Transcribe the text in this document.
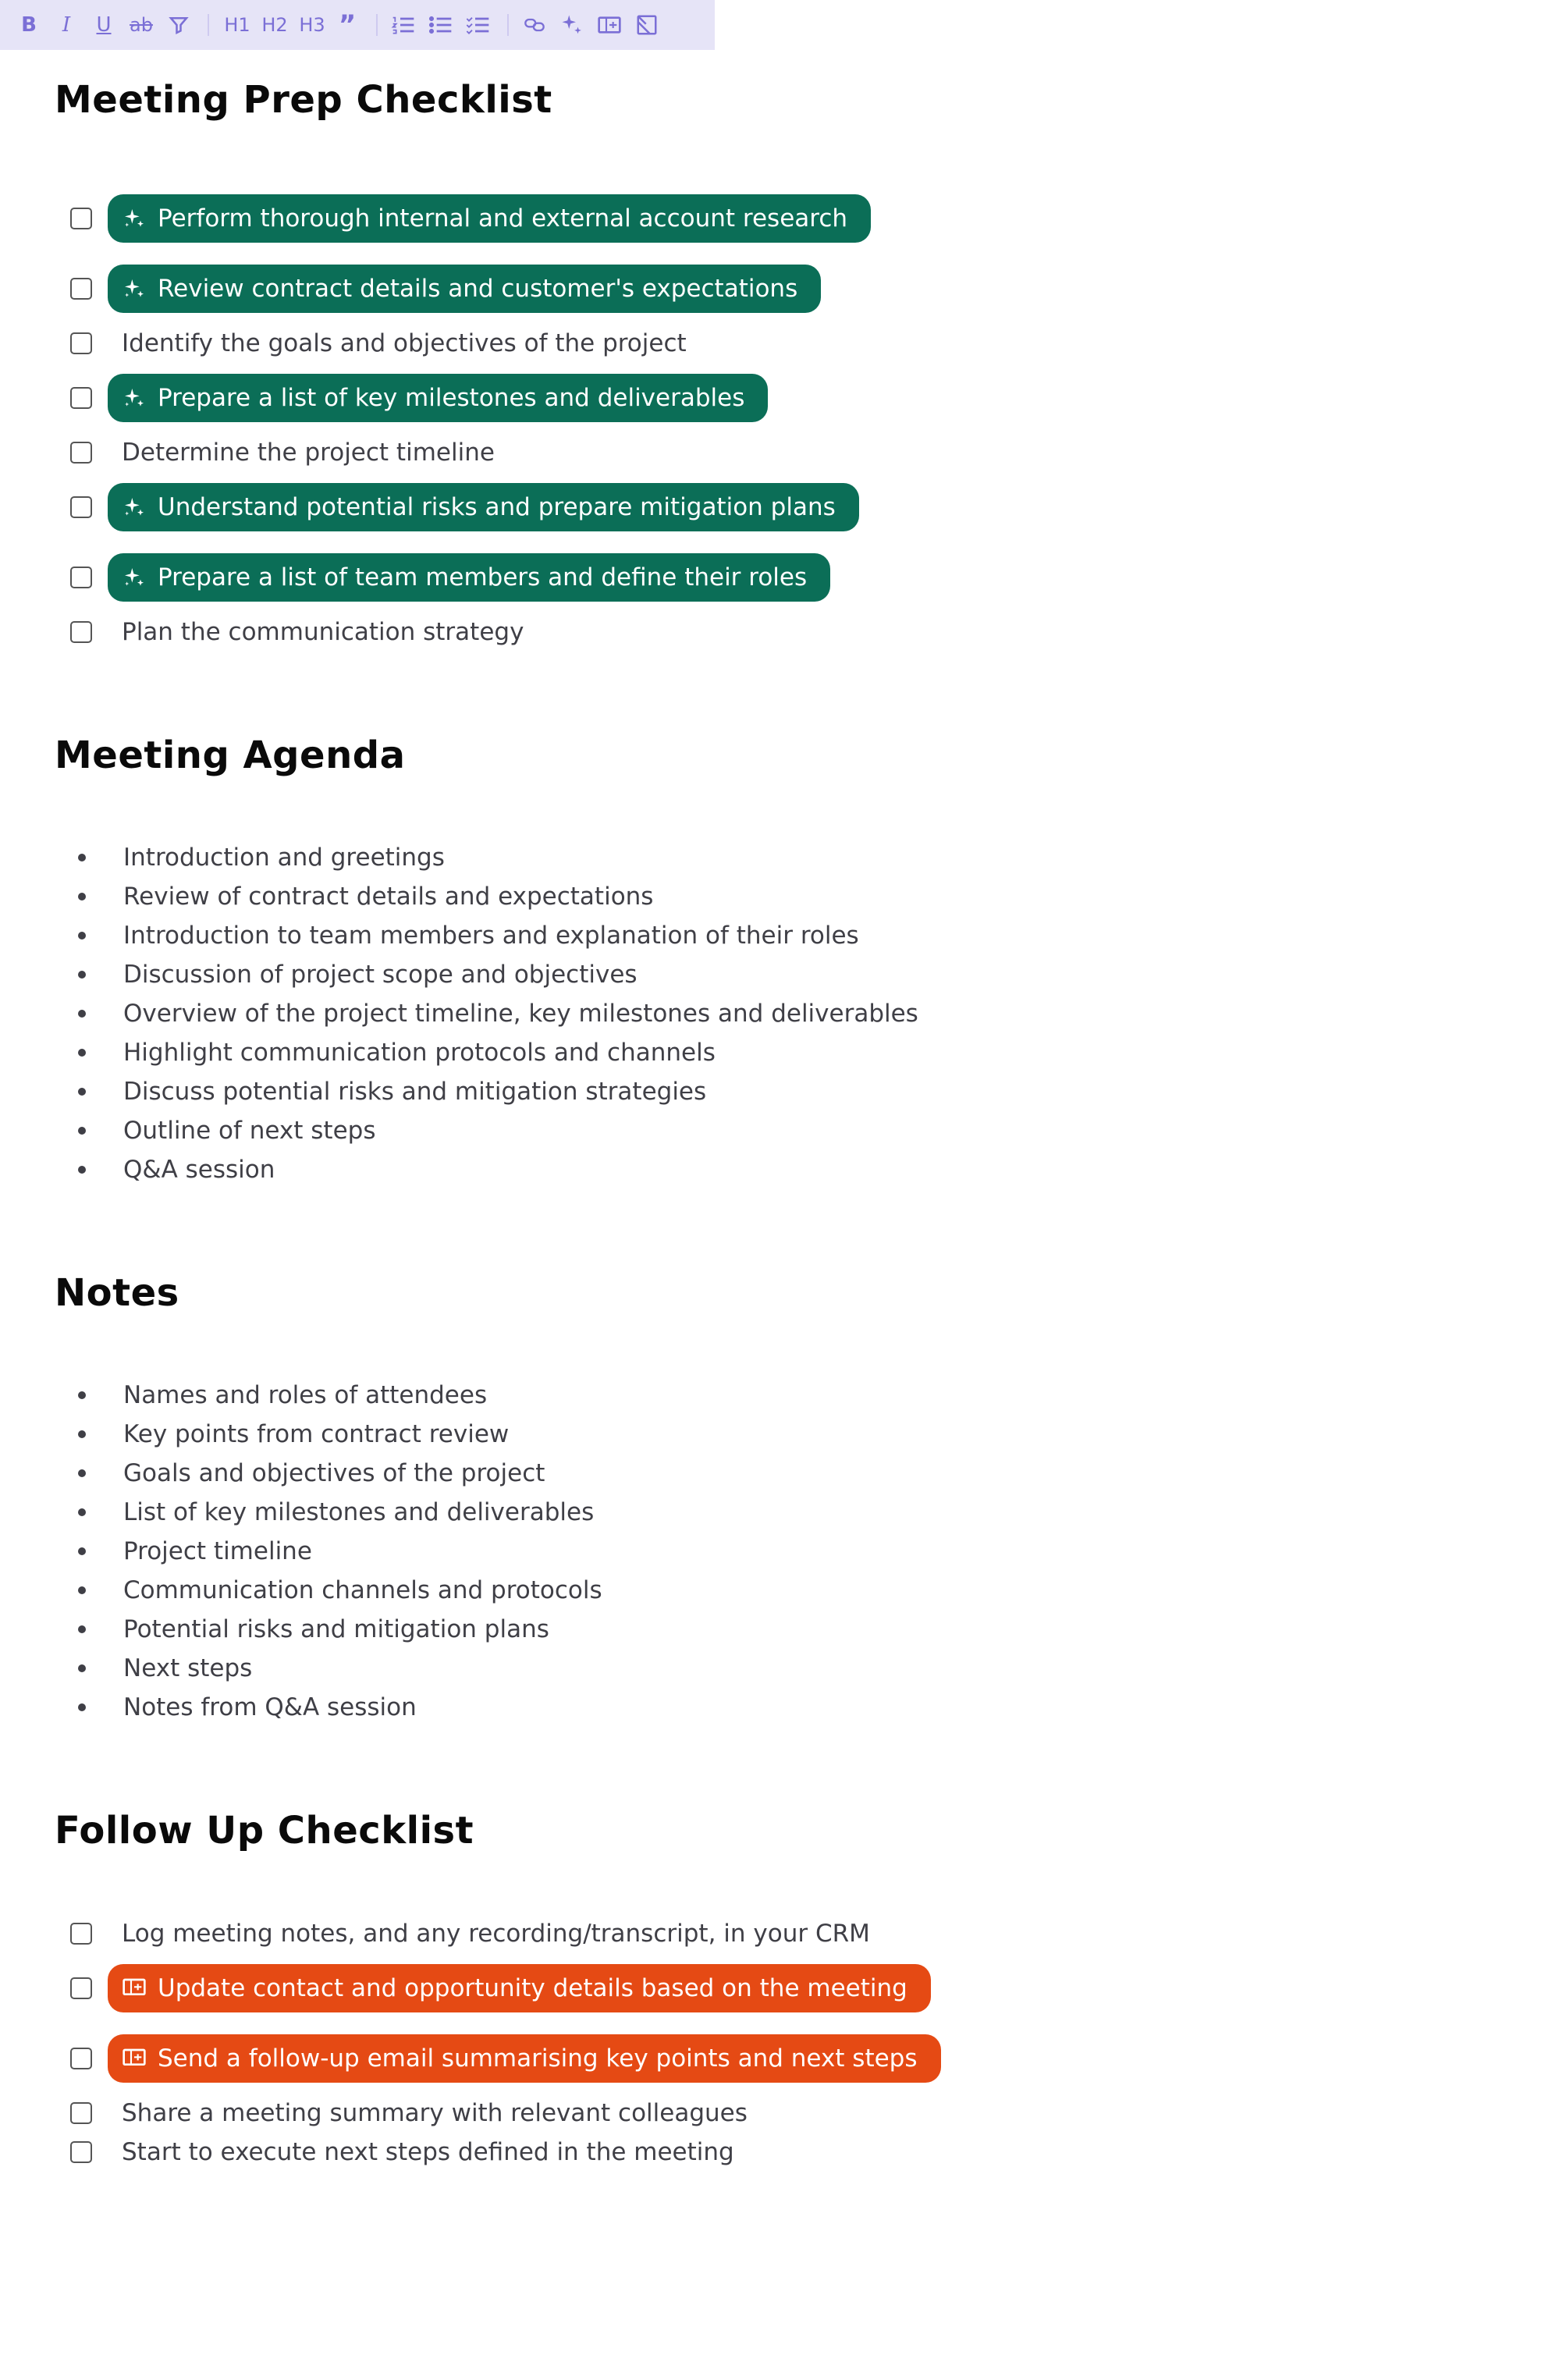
B	I	U ab	H1 H2 H3 ”
Meeting Prep Checklist
Perform thorough internal and external account research
Review contract details and customer's expectations
Identify the goals and objectives of the project
Prepare a list of key milestones and deliverables
Determine the project timeline
Understand potential risks and prepare mitigation plans
Prepare a list of team members and define their roles
Plan the communication strategy
Meeting Agenda
Introduction and greetings
Review of contract details and expectations
Introduction to team members and explanation of their roles
Discussion of project scope and objectives
Overview of the project timeline, key milestones and deliverables
Highlight communication protocols and channels
Discuss potential risks and mitigation strategies
Outline of next steps
Q&A session
Notes
Names and roles of attendees
Key points from contract review
Goals and objectives of the project
List of key milestones and deliverables
Project timeline
Communication channels and protocols
Potential risks and mitigation plans
Next steps
Notes from Q&A session
Follow Up Checklist
Log meeting notes, and any recording/transcript, in your CRM
Update contact and opportunity details based on the meeting
Send a follow-up email summarising key points and next steps
Share a meeting summary with relevant colleagues
Start to execute next steps defined in the meeting
